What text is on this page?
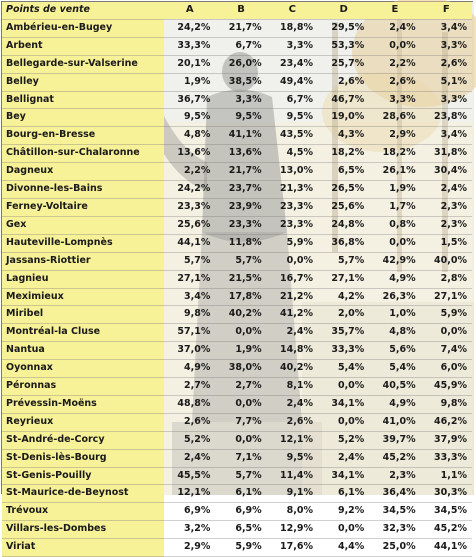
Points de vente	A	B	C	D	E	F
Ambérieu-en-Bugey	24,2%	21,7%	18,8%	29,5%	2,4%	3,4%
Arbent	33,3%	6,7%	3,3%	53,3%	0,0%	3,3%
Bellegarde-sur-Valserine	20,1%	26,0%	23,4%	25,7%	2,2%	2,6%
Belley	1,9%	38,5%	49,4%	2,6%	2,6%	5,1%
Bellignat	36,7%	3,3%	6,7%	46,7%	3,3%	3,3%
Bey	9,5%	9,5%	9,5%	19,0%	28,6%	23,8%
Bourg-en-Bresse	4,8%	41,1%	43,5%	4,3%	2,9%	3,4%
Châtillon-sur-Chalaronne	13,6%	13,6%	4,5%	18,2%	18,2%	31,8%
Dagneux	2,2%	21,7%	13,0%	6,5%	26,1%	30,4%
Divonne-les-Bains	24,2%	23,7%	21,3%	26,5%	1,9%	2,4%
Ferney-Voltaire	23,3%	23,9%	23,3%	25,6%	1,7%	2,3%
Gex	25,6%	23,3%	23,3%	24,8%	0,8%	2,3%
Hauteville-Lompnès	44,1%	11,8%	5,9%	36,8%	0,0%	1,5%
Jassans-Riottier	5,7%	5,7%	0,0%	5,7%	42,9%	40,0%
Lagnieu	27,1%	21,5%	16,7%	27,1%	4,9%	2,8%
Meximieux	3,4%	17,8%	21,2%	4,2%	26,3%	27,1%
Miribel	9,8%	40,2%	41,2%	2,0%	1,0%	5,9%
Montréal-la Cluse	57,1%	0,0%	2,4%	35,7%	4,8%	0,0%
Nantua	37,0%	1,9%	14,8%	33,3%	5,6%	7,4%
Oyonnax	4,9%	38,0%	40,2%	5,4%	5,4%	6,0%
Péronnas	2,7%	2,7%	8,1%	0,0%	40,5%	45,9%
Prévessin-Moëns	48,8%	0,0%	2,4%	34,1%	4,9%	9,8%
Reyrieux	2,6%	7,7%	2,6%	0,0%	41,0%	46,2%
St-André-de-Corcy	5,2%	0,0%	12,1%	5,2%	39,7%	37,9%
St-Denis-lès-Bourg	2,4%	7,1%	9,5%	2,4%	45,2%	33,3%
St-Genis-Pouilly	45,5%	5,7%	11,4%	34,1%	2,3%	1,1%
St-Maurice-de-Beynost	12,1%	6,1%	9,1%	6,1%	36,4%	30,3%
Trévoux	6,9%	6,9%	8,0%	9,2%	34,5%	34,5%
Villars-les-Dombes	3,2%	6,5%	12,9%	0,0%	32,3%	45,2%
Viriat	2,9%	5,9%	17,6%	4,4%	25,0%	44,1%
